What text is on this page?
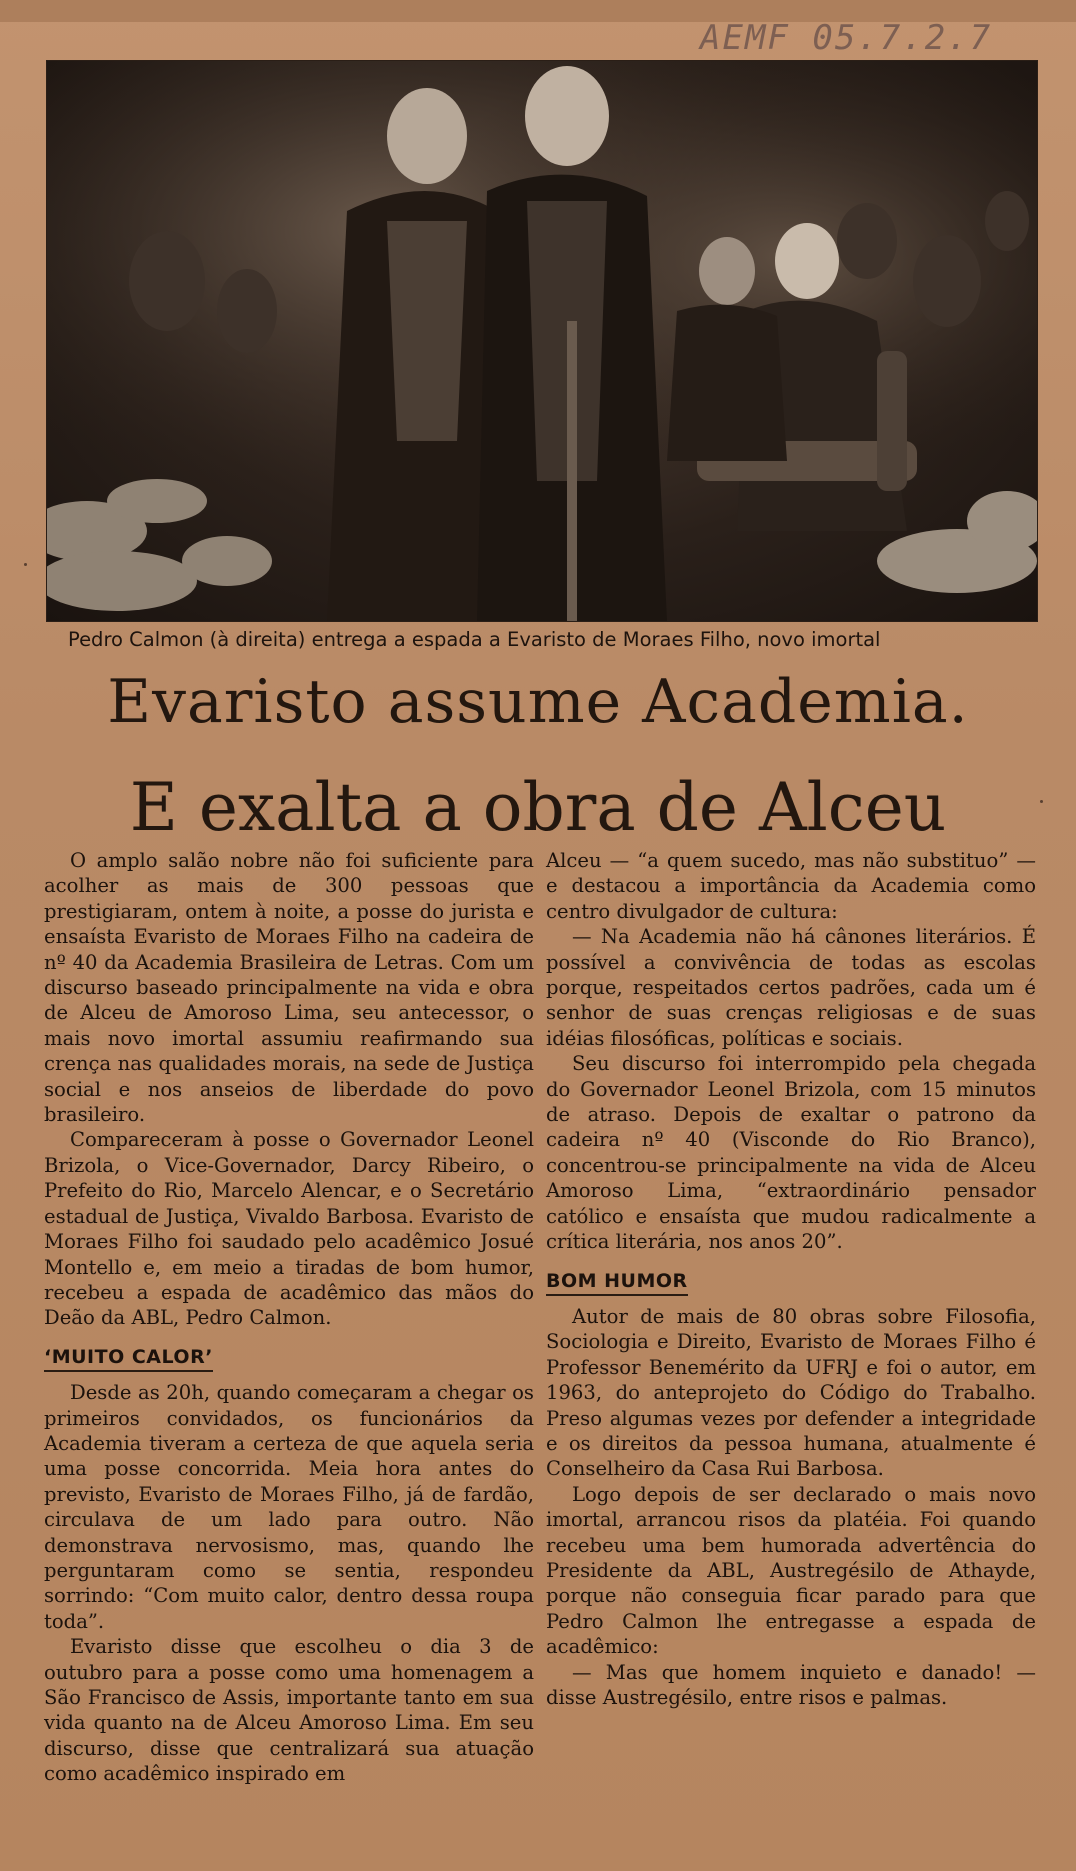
AEMF 05.7.2.7
Pedro Calmon (à direita) entrega a espada a Evaristo de Moraes Filho, novo imortal
Evaristo assume Academia.
E exalta a obra de Alceu

O amplo salão nobre não foi suficiente para acolher as mais de 300 pessoas que prestigiaram, ontem à noite, a posse do jurista e ensaísta Evaristo de Moraes Filho na cadeira de nº 40 da Academia Brasileira de Letras. Com um discurso baseado principalmente na vida e obra de Alceu de Amoroso Lima, seu antecessor, o mais novo imortal assumiu reafirmando sua crença nas qualidades morais, na sede de Justiça social e nos anseios de liberdade do povo brasileiro.

Compareceram à posse o Governador Leonel Brizola, o Vice-Governador, Darcy Ribeiro, o Prefeito do Rio, Marcelo Alencar, e o Secretário estadual de Justiça, Vivaldo Barbosa. Evaristo de Moraes Filho foi saudado pelo acadêmico Josué Montello e, em meio a tiradas de bom humor, recebeu a espada de acadêmico das mãos do Deão da ABL, Pedro Calmon.

‘MUITO CALOR’

Desde as 20h, quando começaram a chegar os primeiros convidados, os funcionários da Academia tiveram a certeza de que aquela seria uma posse concorrida. Meia hora antes do previsto, Evaristo de Moraes Filho, já de fardão, circulava de um lado para outro. Não demonstrava nervosismo, mas, quando lhe perguntaram como se sentia, respondeu sorrindo: “Com muito calor, dentro dessa roupa toda”.

Evaristo disse que escolheu o dia 3 de outubro para a posse como uma homenagem a São Francisco de Assis, importante tanto em sua vida quanto na de Alceu Amoroso Lima. Em seu discurso, disse que centralizará sua atuação como acadêmico inspirado em

Alceu — “a quem sucedo, mas não substituo” — e destacou a importância da Academia como centro divulgador de cultura:

— Na Academia não há cânones literários. É possível a convivência de todas as escolas porque, respeitados certos padrões, cada um é senhor de suas crenças religiosas e de suas idéias filosóficas, políticas e sociais.

Seu discurso foi interrompido pela chegada do Governador Leonel Brizola, com 15 minutos de atraso. Depois de exaltar o patrono da cadeira nº 40 (Visconde do Rio Branco), concentrou-se principalmente na vida de Alceu Amoroso Lima, “extraordinário pensador católico e ensaísta que mudou radicalmente a crítica literária, nos anos 20”.

BOM HUMOR

Autor de mais de 80 obras sobre Filosofia, Sociologia e Direito, Evaristo de Moraes Filho é Professor Benemérito da UFRJ e foi o autor, em 1963, do anteprojeto do Código do Trabalho. Preso algumas vezes por defender a integridade e os direitos da pessoa humana, atualmente é Conselheiro da Casa Rui Barbosa.

Logo depois de ser declarado o mais novo imortal, arrancou risos da platéia. Foi quando recebeu uma bem humorada advertência do Presidente da ABL, Austregésilo de Athayde, porque não conseguia ficar parado para que Pedro Calmon lhe entregasse a espada de acadêmico:

— Mas que homem inquieto e danado! — disse Austregésilo, entre risos e palmas.
